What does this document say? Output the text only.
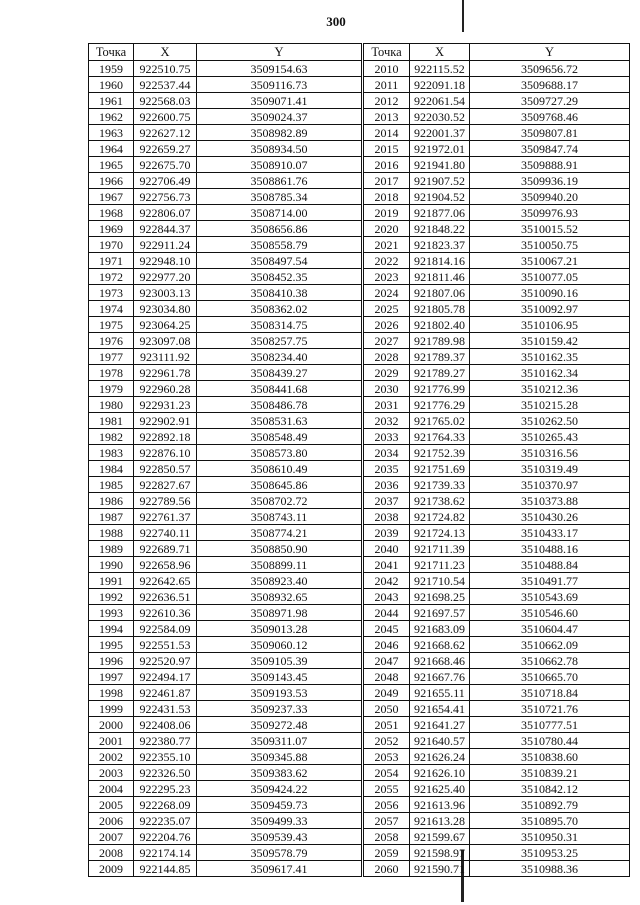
300
Точка	X	Y
1959	922510.75	3509154.63
1960	922537.44	3509116.73
1961	922568.03	3509071.41
1962	922600.75	3509024.37
1963	922627.12	3508982.89
1964	922659.27	3508934.50
1965	922675.70	3508910.07
1966	922706.49	3508861.76
1967	922756.73	3508785.34
1968	922806.07	3508714.00
1969	922844.37	3508656.86
1970	922911.24	3508558.79
1971	922948.10	3508497.54
1972	922977.20	3508452.35
1973	923003.13	3508410.38
1974	923034.80	3508362.02
1975	923064.25	3508314.75
1976	923097.08	3508257.75
1977	923111.92	3508234.40
1978	922961.78	3508439.27
1979	922960.28	3508441.68
1980	922931.23	3508486.78
1981	922902.91	3508531.63
1982	922892.18	3508548.49
1983	922876.10	3508573.80
1984	922850.57	3508610.49
1985	922827.67	3508645.86
1986	922789.56	3508702.72
1987	922761.37	3508743.11
1988	922740.11	3508774.21
1989	922689.71	3508850.90
1990	922658.96	3508899.11
1991	922642.65	3508923.40
1992	922636.51	3508932.65
1993	922610.36	3508971.98
1994	922584.09	3509013.28
1995	922551.53	3509060.12
1996	922520.97	3509105.39
1997	922494.17	3509143.45
1998	922461.87	3509193.53
1999	922431.53	3509237.33
2000	922408.06	3509272.48
2001	922380.77	3509311.07
2002	922355.10	3509345.88
2003	922326.50	3509383.62
2004	922295.23	3509424.22
2005	922268.09	3509459.73
2006	922235.07	3509499.33
2007	922204.76	3509539.43
2008	922174.14	3509578.79
2009	922144.85	3509617.41
Точка	X	Y
2010	922115.52	3509656.72
2011	922091.18	3509688.17
2012	922061.54	3509727.29
2013	922030.52	3509768.46
2014	922001.37	3509807.81
2015	921972.01	3509847.74
2016	921941.80	3509888.91
2017	921907.52	3509936.19
2018	921904.52	3509940.20
2019	921877.06	3509976.93
2020	921848.22	3510015.52
2021	921823.37	3510050.75
2022	921814.16	3510067.21
2023	921811.46	3510077.05
2024	921807.06	3510090.16
2025	921805.78	3510092.97
2026	921802.40	3510106.95
2027	921789.98	3510159.42
2028	921789.37	3510162.35
2029	921789.27	3510162.34
2030	921776.99	3510212.36
2031	921776.29	3510215.28
2032	921765.02	3510262.50
2033	921764.33	3510265.43
2034	921752.39	3510316.56
2035	921751.69	3510319.49
2036	921739.33	3510370.97
2037	921738.62	3510373.88
2038	921724.82	3510430.26
2039	921724.13	3510433.17
2040	921711.39	3510488.16
2041	921711.23	3510488.84
2042	921710.54	3510491.77
2043	921698.25	3510543.69
2044	921697.57	3510546.60
2045	921683.09	3510604.47
2046	921668.62	3510662.09
2047	921668.46	3510662.78
2048	921667.76	3510665.70
2049	921655.11	3510718.84
2050	921654.41	3510721.76
2051	921641.27	3510777.51
2052	921640.57	3510780.44
2053	921626.24	3510838.60
2054	921626.10	3510839.21
2055	921625.40	3510842.12
2056	921613.96	3510892.79
2057	921613.28	3510895.70
2058	921599.67	3510950.31
2059	921598.97	3510953.25
2060	921590.71	3510988.36
